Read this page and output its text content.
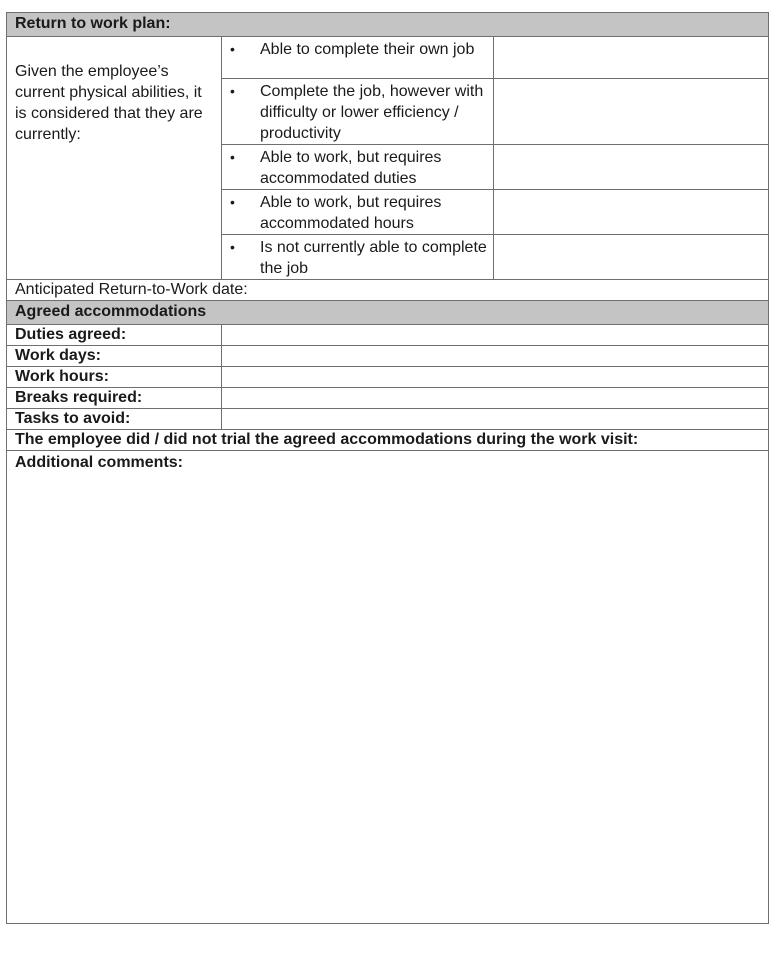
Return to work plan:		
Given the employee’s current physical abilities, it is considered that they are currently:	• Able to complete their own job	

	• Complete the job, however with difficulty or lower efficiency / productivity	

	• Able to work, but requires accommodated duties	

	• Able to work, but requires accommodated hours	

	• Is not currently able to complete the job	
Anticipated Return-to-Work date:		
Agreed accommodations		
Duties agreed:		
Work days:		
Work hours:		
Breaks required:		
Tasks to avoid:		
The employee did / did not trial the agreed accommodations during the work visit:		
Additional comments:		
